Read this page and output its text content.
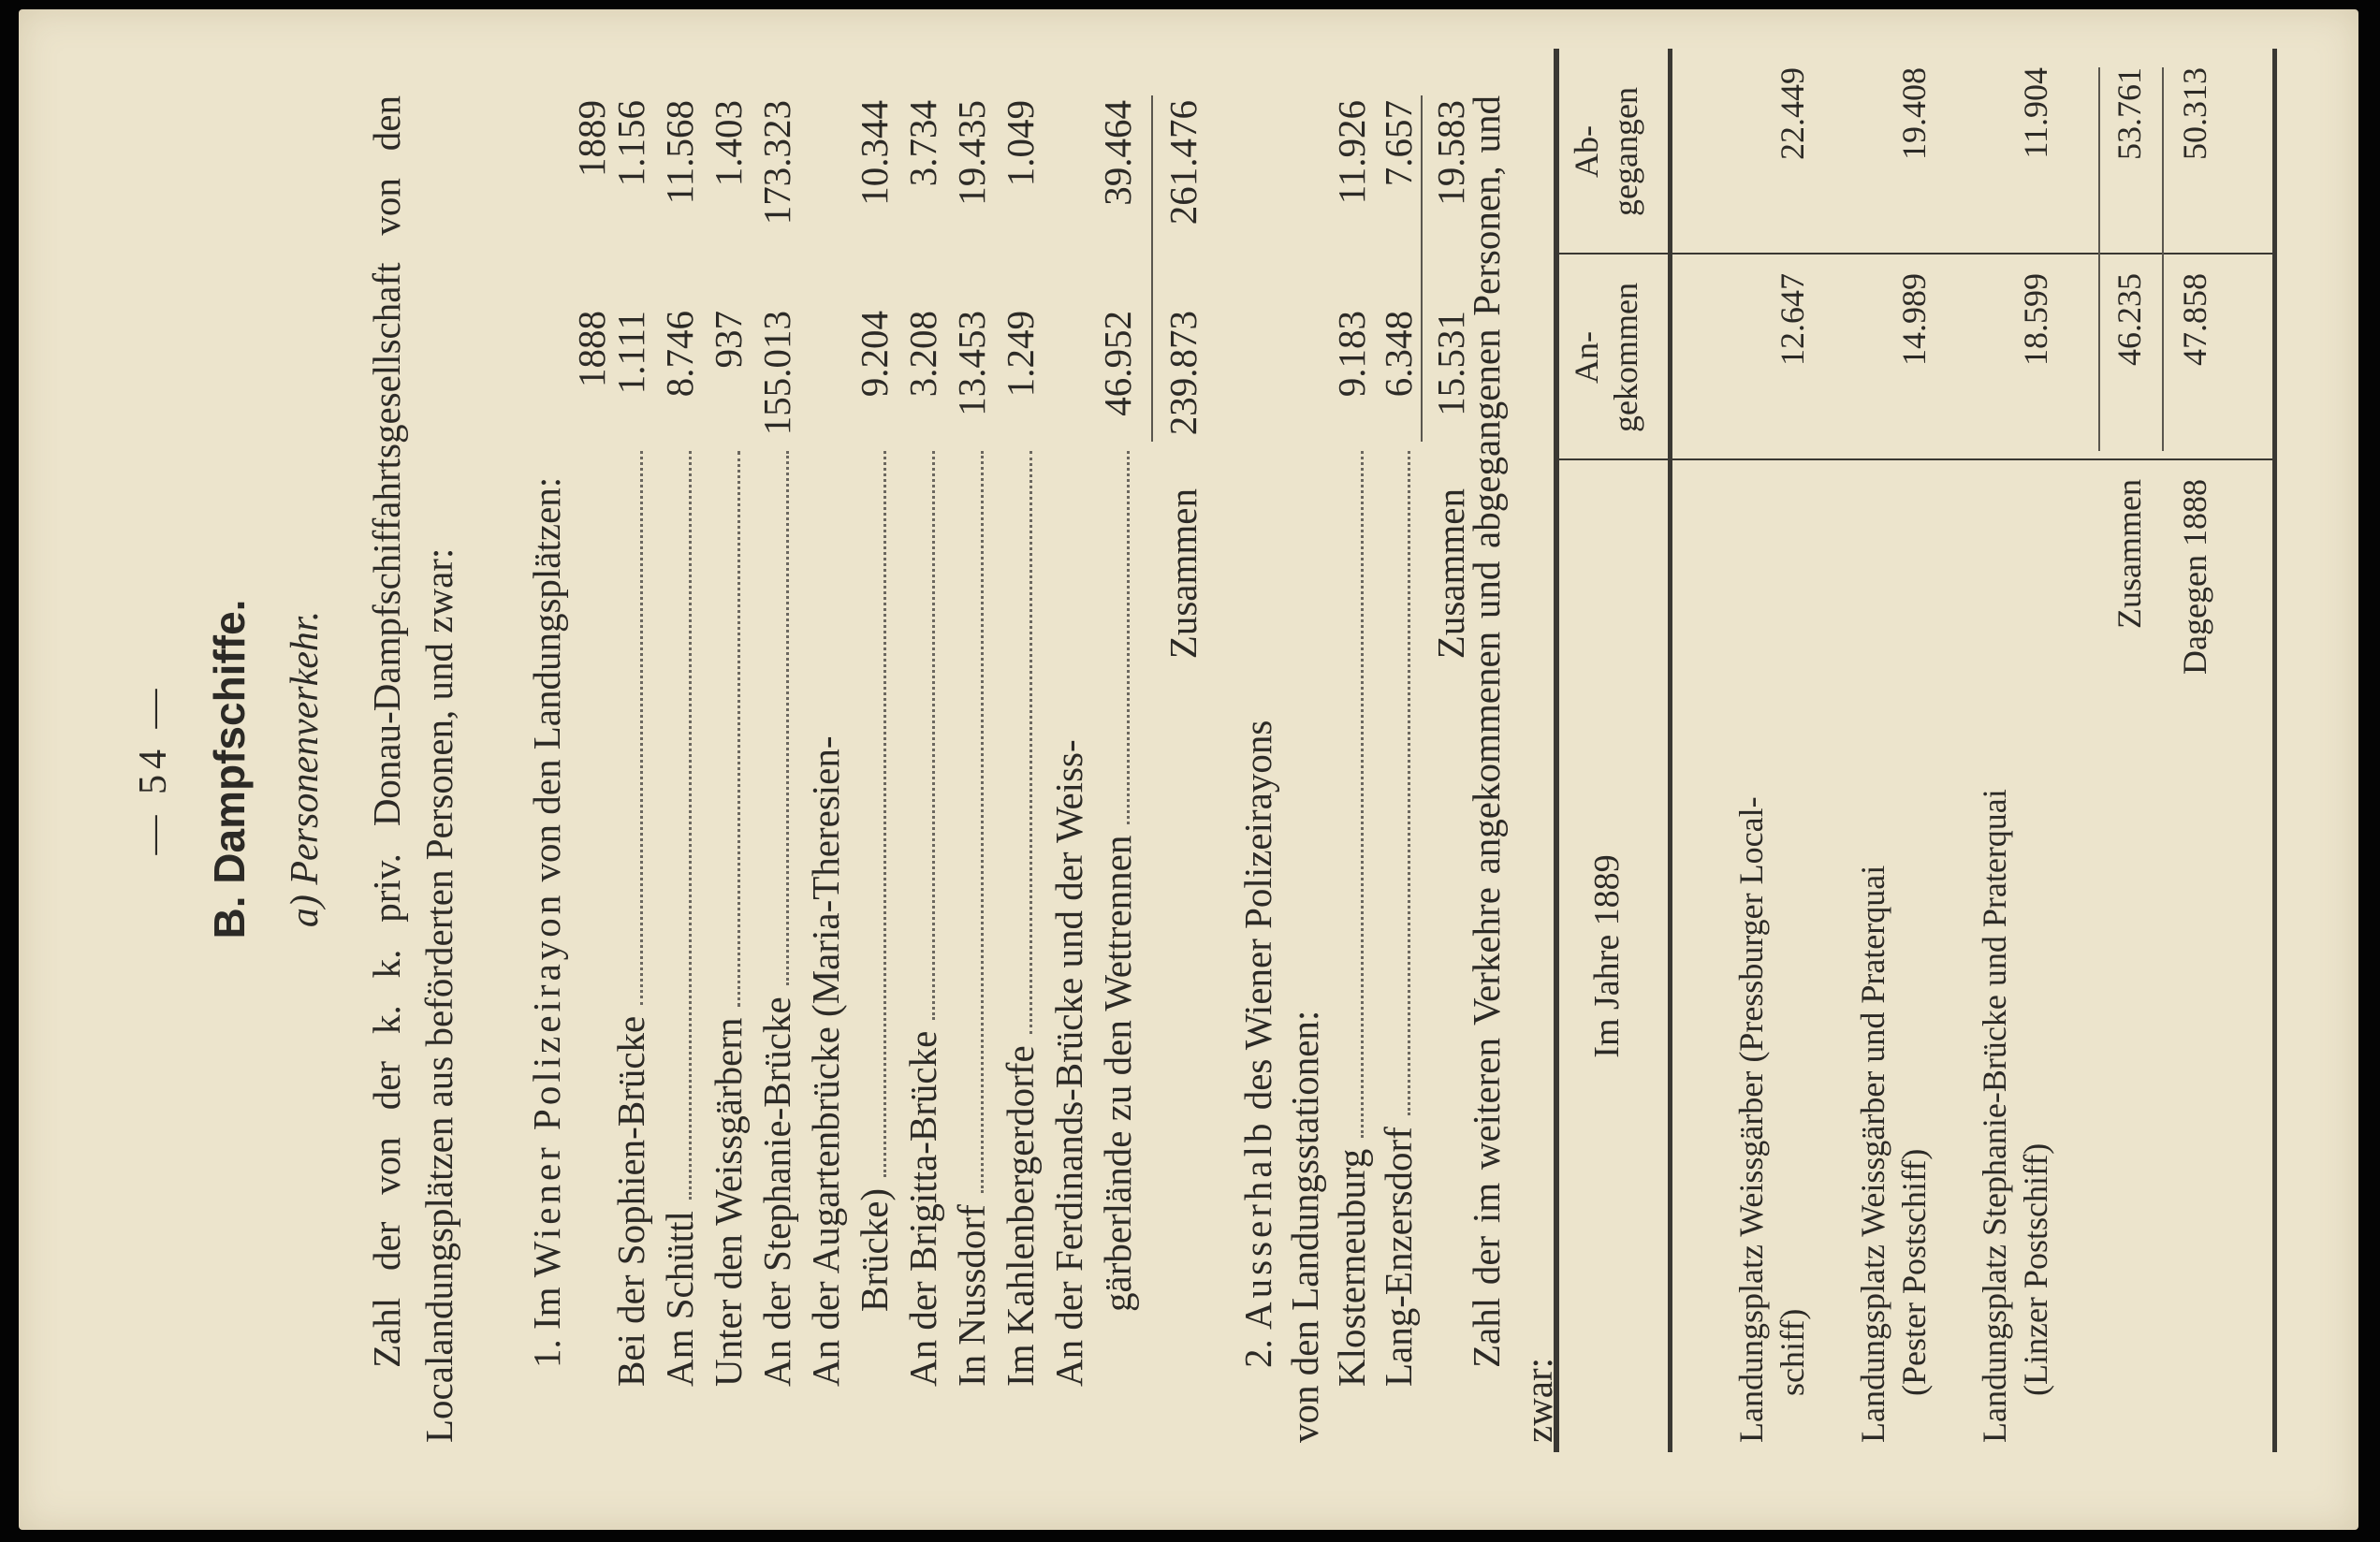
— 54 — B. Dampfschiffe. a) Personenverkehr. Zahl der von der k. k. priv. Donau-Dampfschiffahrtsgesellschaft von den Localandungsplätzen aus beförderten Personen, und zwar: 1. Im Wiener Polizeirayon von den Landungsplätzen:
1888
1889
Bei der Sophien-Brücke
1.111
1.156
Am Schüttl
8.746
11.568
Unter den Weissgärbern
937
1.403
An der Stephanie-Brücke
155.013
173.323
An der Augartenbrücke (Maria-Theresien- Brücke)
9.204
10.344
An der Brigitta-Brücke
3.208
3.734
In Nussdorf
13.453
19.435
Im Kahlenbergerdorfe
1.249
1.049
An der Ferdinands-Brücke und der Weiss- gärberlände zu den Wettrennen
46.952
39.464
Zusammen
239.873
261.476
2. Ausserhalb des Wiener Polizeirayons
von den Landungsstationen: Klosterneuburg
9.183
11.926
Lang-Enzersdorf
6.348
7.657
Zusammen
15.531
19.583
Zahl der im weiteren Verkehre angekommenen und abgegangenen Personen, und zwar:
Im Jahre 1889
An- gekommen
Ab- gegangen
Landungsplatz Weissgärber (Pressburger Local- schiff)
12.647
22.449
Landungsplatz Weissgärber und Praterquai (Pester Postschiff)
14.989
19.408
Landungsplatz Stephanie-Brücke und Praterquai (Linzer Postschiff)
18.599
11.904
Zusammen
46.235
53.761
Dagegen 1888
47.858
50.313
